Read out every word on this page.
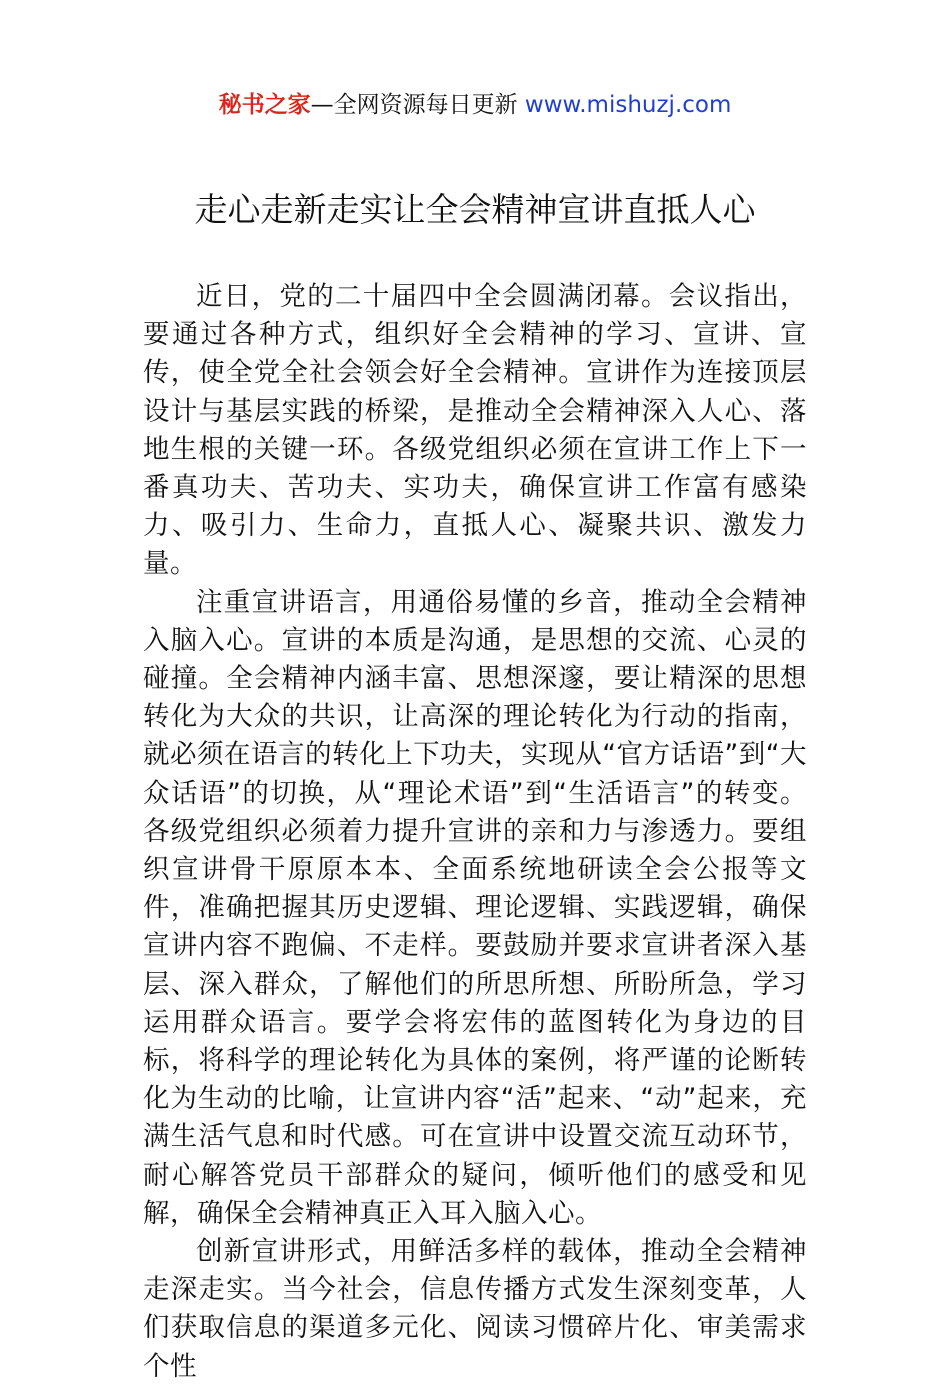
秘书之家—全网资源每日更新 www.mishuzj.com
走心走新走实让全会精神宣讲直抵人心

近日，党的二十届四中全会圆满闭幕。会议指出，要通过各种方式，组织好全会精神的学习、宣讲、宣传，使全党全社会领会好全会精神。宣讲作为连接顶层设计与基层实践的桥梁，是推动全会精神深入人心、落地生根的关键一环。各级党组织必须在宣讲工作上下一番真功夫、苦功夫、实功夫，确保宣讲工作富有感染力、吸引力、生命力，直抵人心、凝聚共识、激发力量。

注重宣讲语言，用通俗易懂的乡音，推动全会精神入脑入心。宣讲的本质是沟通，是思想的交流、心灵的碰撞。全会精神内涵丰富、思想深邃，要让精深的思想转化为大众的共识，让高深的理论转化为行动的指南，就必须在语言的转化上下功夫，实现从“官方话语”到“大众话语”的切换，从“理论术语”到“生活语言”的转变。各级党组织必须着力提升宣讲的亲和力与渗透力。要组织宣讲骨干原原本本、全面系统地研读全会公报等文件，准确把握其历史逻辑、理论逻辑、实践逻辑，确保宣讲内容不跑偏、不走样。要鼓励并要求宣讲者深入基层、深入群众，了解他们的所思所想、所盼所急，学习运用群众语言。要学会将宏伟的蓝图转化为身边的目标，将科学的理论转化为具体的案例，将严谨的论断转化为生动的比喻，让宣讲内容“活”起来、“动”起来，充满生活气息和时代感。可在宣讲中设置交流互动环节，耐心解答党员干部群众的疑问，倾听他们的感受和见解，确保全会精神真正入耳入脑入心。

创新宣讲形式，用鲜活多样的载体，推动全会精神走深走实。当今社会，信息传播方式发生深刻变革，人们获取信息的渠道多元化、阅读习惯碎片化、审美需求个性
